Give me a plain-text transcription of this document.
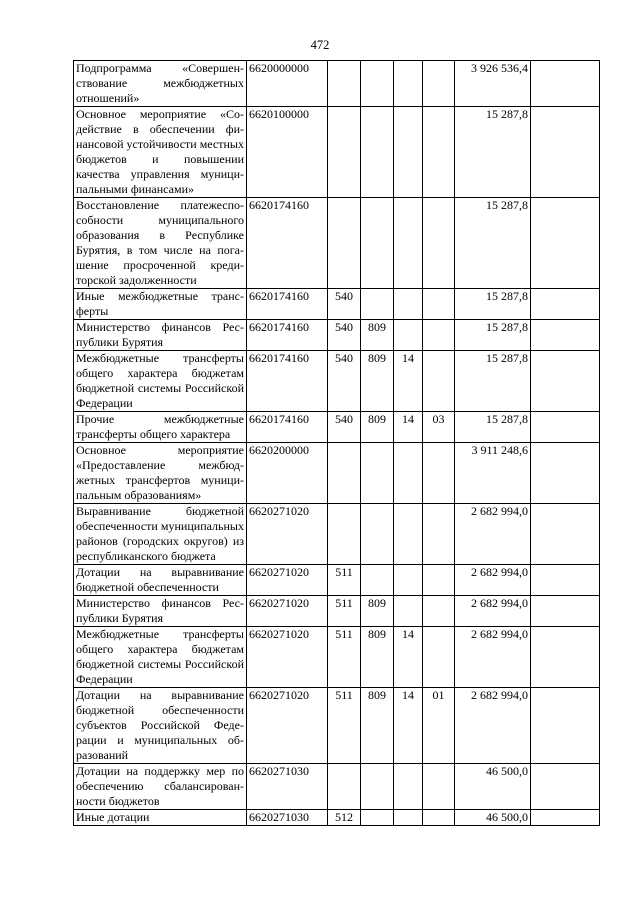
472
Подпрограмма «Совершенствование межбюджетных отношений»	6620000000					3 926 536,4	
Основное мероприятие «Содействие в обеспечении финансовой устойчивости местных бюджетов и повышении качества управления муниципальными финансами»	6620100000					15 287,8	
Восстановление платежеспособности муниципального образования в Республике Бурятия, в том числе на погашение просроченной кредиторской задолженности	6620174160					15 287,8	
Иные межбюджетные трансферты	6620174160	540				15 287,8	
Министерство финансов Республики Бурятия	6620174160	540	809			15 287,8	
Межбюджетные трансферты общего характера бюджетам бюджетной системы Российской Федерации	6620174160	540	809	14		15 287,8	
Прочие межбюджетные трансферты общего характера	6620174160	540	809	14	03	15 287,8	
Основное мероприятие «Предоставление межбюджетных трансфертов муниципальным образованиям»	6620200000					3 911 248,6	
Выравнивание бюджетной обеспеченности муниципальных районов (городских округов) из республиканского бюджета	6620271020					2 682 994,0	
Дотации на выравнивание бюджетной обеспеченности	6620271020	511				2 682 994,0	
Министерство финансов Республики Бурятия	6620271020	511	809			2 682 994,0	
Межбюджетные трансферты общего характера бюджетам бюджетной системы Российской Федерации	6620271020	511	809	14		2 682 994,0	
Дотации на выравнивание бюджетной обеспеченности субъектов Российской Федерации и муниципальных образований	6620271020	511	809	14	01	2 682 994,0	
Дотации на поддержку мер по обеспечению сбалансированности бюджетов	6620271030					46 500,0	
Иные дотации	6620271030	512				46 500,0	
